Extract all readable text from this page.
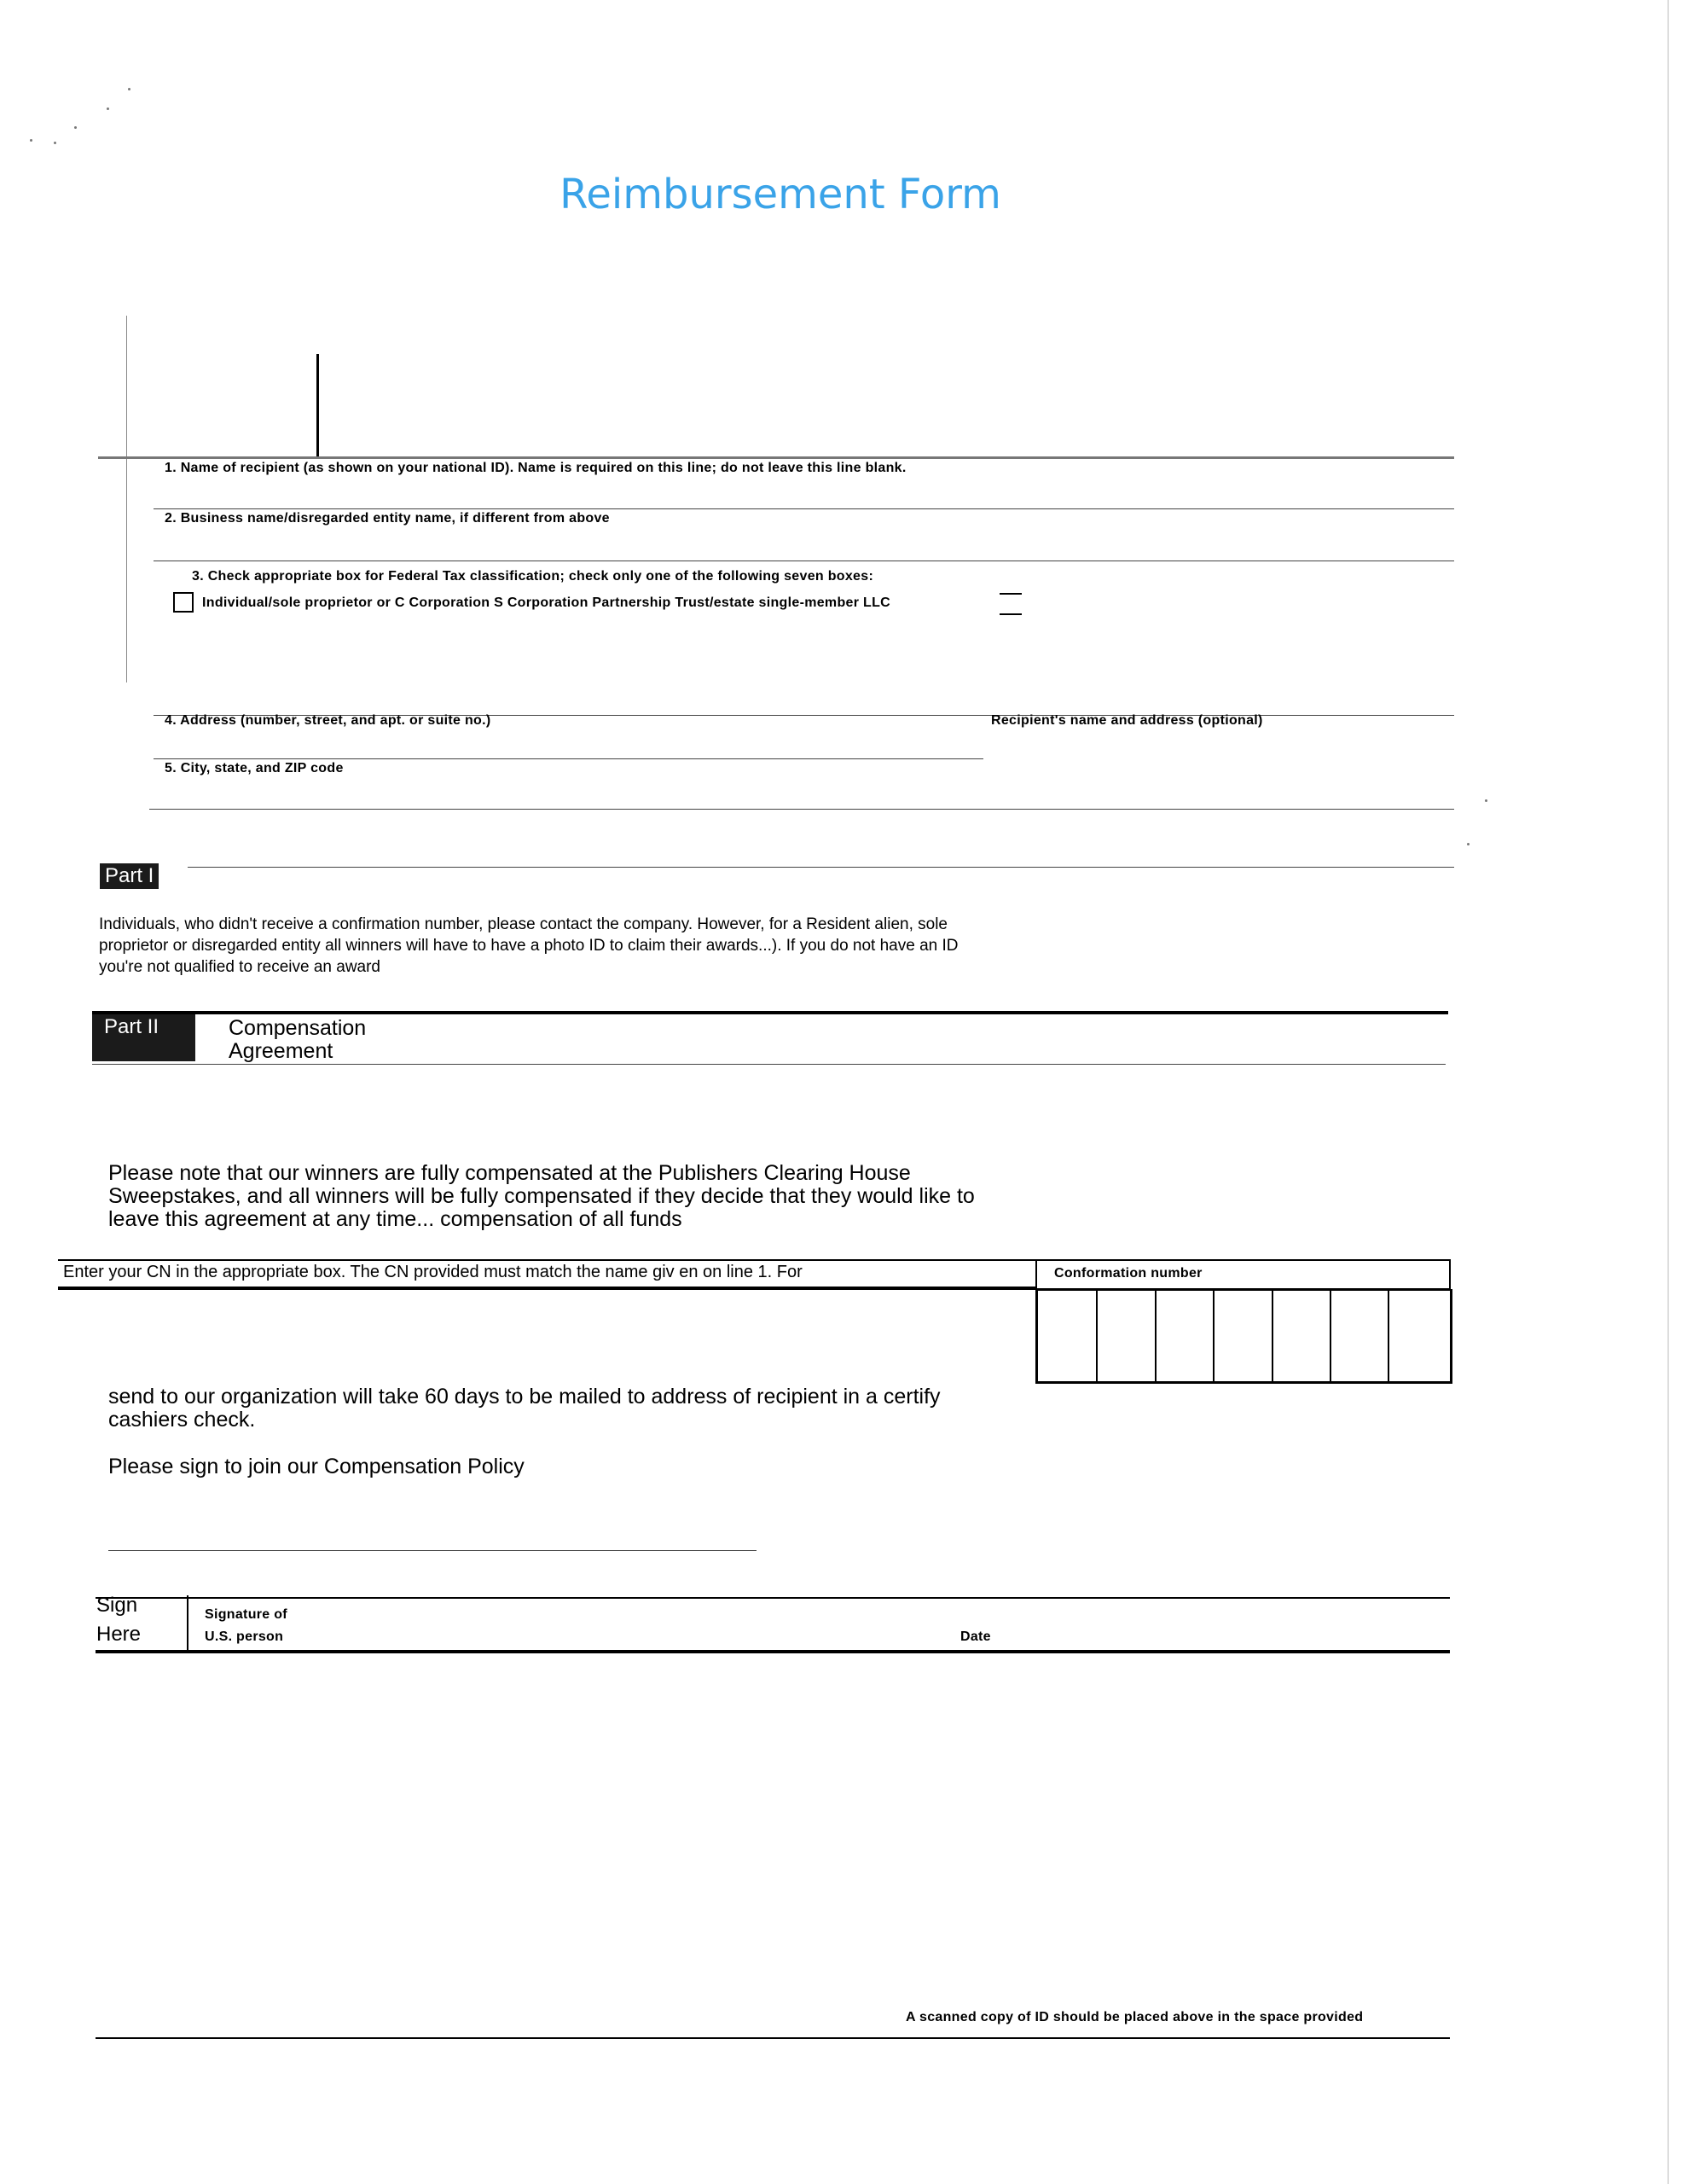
Reimbursement Form
1. Name of recipient (as shown on your national ID). Name is required on this line; do not leave this line blank.
2. Business name/disregarded entity name, if different from above
3. Check appropriate box for Federal Tax classification; check only one of the following seven boxes:
Individual/sole proprietor or C Corporation S Corporation Partnership Trust/estate single-member LLC
4. Address (number, street, and apt. or suite no.)	Recipient's name and address (optional)
5. City, state, and ZIP code
Part I
Individuals, who didn't receive a confirmation number, please contact the company. However, for a Resident alien, sole proprietor or disregarded entity all winners will have to have a photo ID to claim their awards...). If you do not have an ID you're not qualified to receive an award
Part II	Compensation
Agreement
Please note that our winners are fully compensated at the Publishers Clearing House Sweepstakes, and all winners will be fully compensated if they decide that they would like to leave this agreement at any time... compensation of all funds
Enter your CN in the appropriate box. The CN provided must match the name giv en on line 1. For	Conformation number
send to our organization will take 60 days to be mailed to address of recipient in a certify cashiers check.
Please sign to join our Compensation Policy
Sign
Here
Signature of
U.S. person	Date
A scanned copy of ID should be placed above in the space provided
